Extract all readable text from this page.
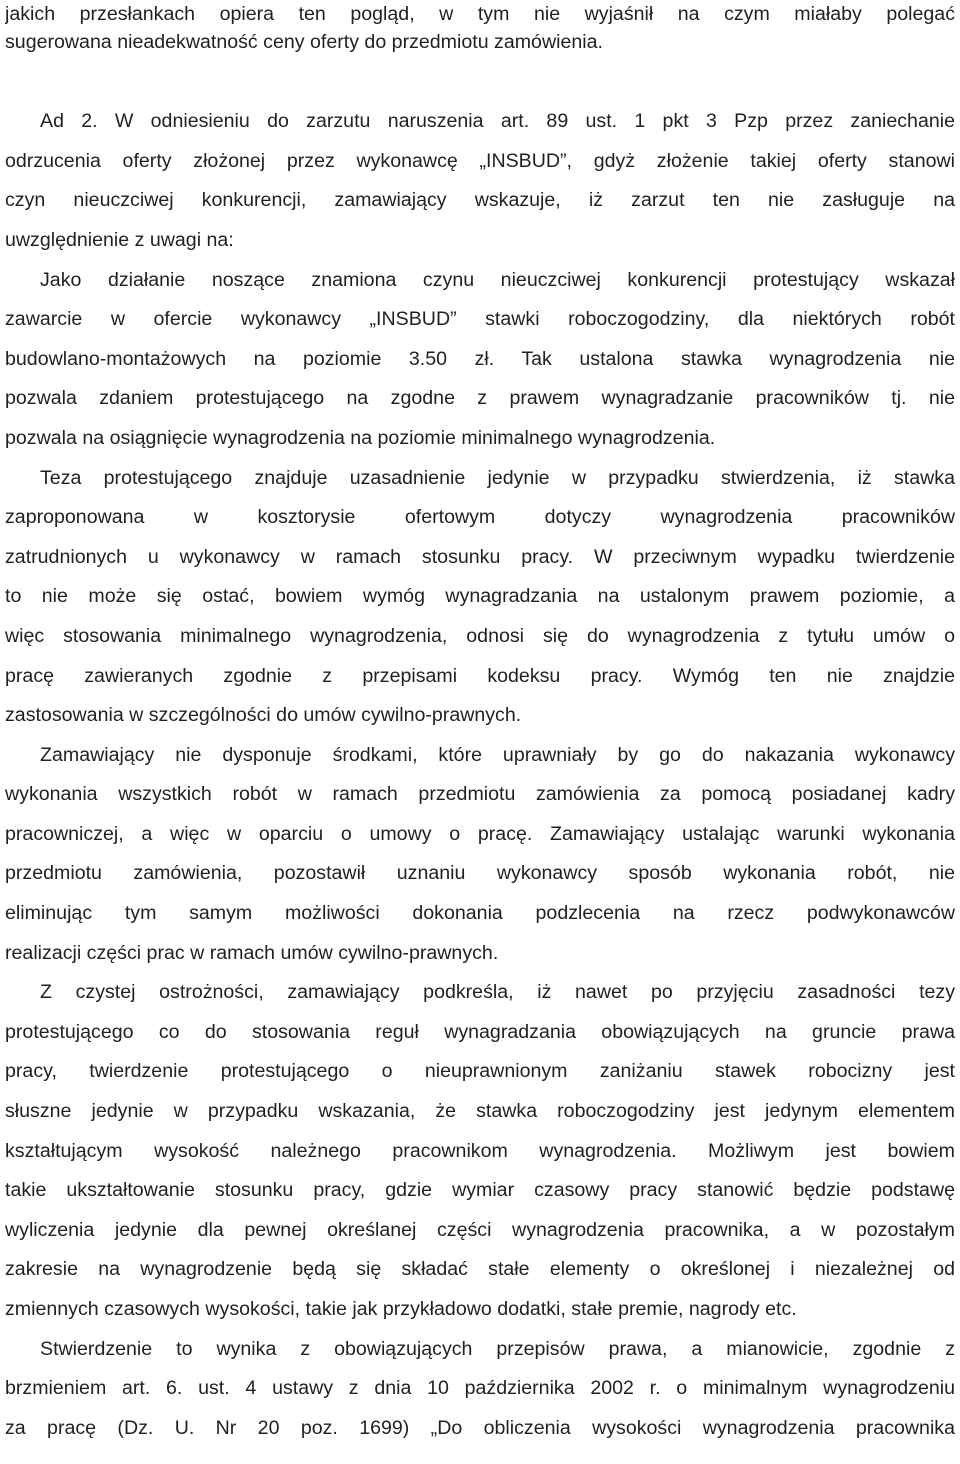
jakich przesłankach opiera ten pogląd, w tym nie wyjaśnił na czym miałaby polegać
sugerowana nieadekwatność ceny oferty do przedmiotu zamówienia.
Ad 2. W odniesieniu do zarzutu naruszenia art. 89 ust. 1 pkt 3 Pzp przez zaniechanie
odrzucenia oferty złożonej przez wykonawcę „INSBUD”, gdyż złożenie takiej oferty stanowi
czyn nieuczciwej konkurencji, zamawiający wskazuje, iż zarzut ten nie zasługuje na
uwzględnienie z uwagi na:
Jako działanie noszące znamiona czynu nieuczciwej konkurencji protestujący wskazał
zawarcie w ofercie wykonawcy „INSBUD” stawki roboczogodziny, dla niektórych robót
budowlano-montażowych na poziomie 3.50 zł. Tak ustalona stawka wynagrodzenia nie
pozwala zdaniem protestującego na zgodne z prawem wynagradzanie pracowników tj. nie
pozwala na osiągnięcie wynagrodzenia na poziomie minimalnego wynagrodzenia.
Teza protestującego znajduje uzasadnienie jedynie w przypadku stwierdzenia, iż stawka
zaproponowana w kosztorysie ofertowym dotyczy wynagrodzenia pracowników
zatrudnionych u wykonawcy w ramach stosunku pracy. W przeciwnym wypadku twierdzenie
to nie może się ostać, bowiem wymóg wynagradzania na ustalonym prawem poziomie, a
więc stosowania minimalnego wynagrodzenia, odnosi się do wynagrodzenia z tytułu umów o
pracę zawieranych zgodnie z przepisami kodeksu pracy. Wymóg ten nie znajdzie
zastosowania w szczególności do umów cywilno-prawnych.
Zamawiający nie dysponuje środkami, które uprawniały by go do nakazania wykonawcy
wykonania wszystkich robót w ramach przedmiotu zamówienia za pomocą posiadanej kadry
pracowniczej, a więc w oparciu o umowy o pracę. Zamawiający ustalając warunki wykonania
przedmiotu zamówienia, pozostawił uznaniu wykonawcy sposób wykonania robót, nie
eliminując tym samym możliwości dokonania podzlecenia na rzecz podwykonawców
realizacji części prac w ramach umów cywilno-prawnych.
Z czystej ostrożności, zamawiający podkreśla, iż nawet po przyjęciu zasadności tezy
protestującego co do stosowania reguł wynagradzania obowiązujących na gruncie prawa
pracy, twierdzenie protestującego o nieuprawnionym zaniżaniu stawek robocizny jest
słuszne jedynie w przypadku wskazania, że stawka roboczogodziny jest jedynym elementem
kształtującym wysokość należnego pracownikom wynagrodzenia. Możliwym jest bowiem
takie ukształtowanie stosunku pracy, gdzie wymiar czasowy pracy stanowić będzie podstawę
wyliczenia jedynie dla pewnej określanej części wynagrodzenia pracownika, a w pozostałym
zakresie na wynagrodzenie będą się składać stałe elementy o określonej i niezależnej od
zmiennych czasowych wysokości, takie jak przykładowo dodatki, stałe premie, nagrody etc.
Stwierdzenie to wynika z obowiązujących przepisów prawa, a mianowicie, zgodnie z
brzmieniem art. 6. ust. 4 ustawy z dnia 10 października 2002 r. o minimalnym wynagrodzeniu
za pracę (Dz. U. Nr 20 poz. 1699) „Do obliczenia wysokości wynagrodzenia pracownika
